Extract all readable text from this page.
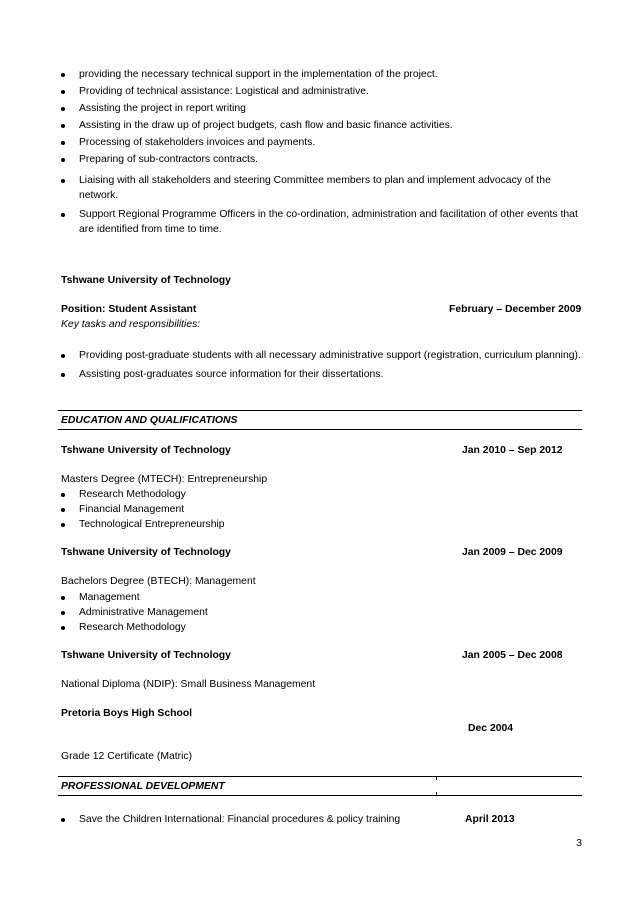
providing the necessary technical support in the implementation of the project.
Providing of technical assistance: Logistical and administrative.
Assisting the project in report writing
Assisting in the draw up of project budgets, cash flow and basic finance activities.
Processing of stakeholders invoices and payments.
Preparing of sub-contractors contracts.
Liaising with all stakeholders and steering Committee members to plan and implement advocacy of the network.
Support Regional Programme Officers in the co-ordination, administration and facilitation of other events that are identified from time to time.
Tshwane University of Technology
Position: Student Assistant	February – December 2009
Key tasks and responsibilities:
Providing post-graduate students with all necessary administrative support (registration, curriculum planning).
Assisting post-graduates source information for their dissertations.
EDUCATION AND QUALIFICATIONS
Tshwane University of Technology	Jan 2010 – Sep 2012
Masters Degree (MTECH): Entrepreneurship
Research Methodology
Financial Management
Technological Entrepreneurship
Tshwane University of Technology	Jan 2009 – Dec 2009
Bachelors Degree (BTECH): Management
Management
Administrative Management
Research Methodology
Tshwane University of Technology	Jan 2005 – Dec 2008
National Diploma (NDIP): Small Business Management
Pretoria Boys High School
Dec 2004
Grade 12 Certificate (Matric)
PROFESSIONAL DEVELOPMENT
Save the Children International: Financial procedures & policy training	April 2013
3
